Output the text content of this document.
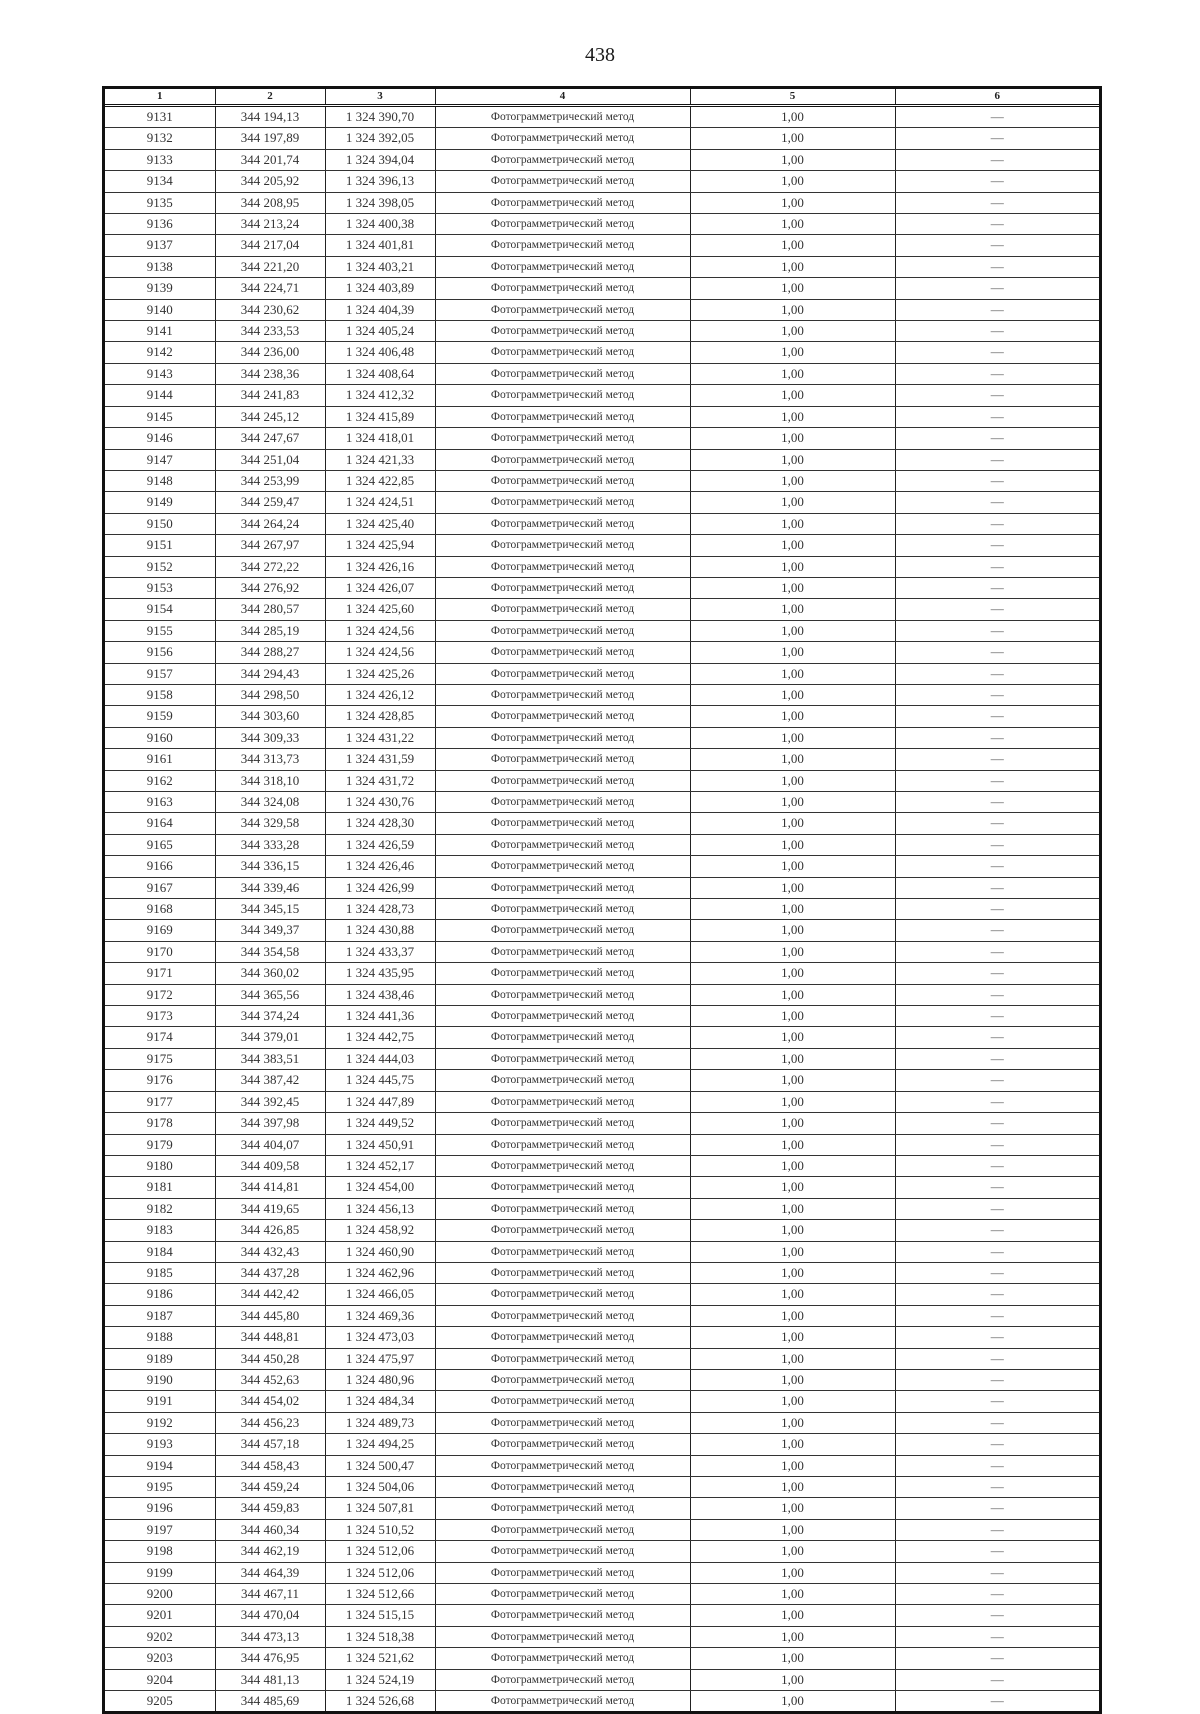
438
1	2	3	4	5	6
9131	344 194,13	1 324 390,70	Фотограмметрический метод	1,00	—
9132	344 197,89	1 324 392,05	Фотограмметрический метод	1,00	—
9133	344 201,74	1 324 394,04	Фотограмметрический метод	1,00	—
9134	344 205,92	1 324 396,13	Фотограмметрический метод	1,00	—
9135	344 208,95	1 324 398,05	Фотограмметрический метод	1,00	—
9136	344 213,24	1 324 400,38	Фотограмметрический метод	1,00	—
9137	344 217,04	1 324 401,81	Фотограмметрический метод	1,00	—
9138	344 221,20	1 324 403,21	Фотограмметрический метод	1,00	—
9139	344 224,71	1 324 403,89	Фотограмметрический метод	1,00	—
9140	344 230,62	1 324 404,39	Фотограмметрический метод	1,00	—
9141	344 233,53	1 324 405,24	Фотограмметрический метод	1,00	—
9142	344 236,00	1 324 406,48	Фотограмметрический метод	1,00	—
9143	344 238,36	1 324 408,64	Фотограмметрический метод	1,00	—
9144	344 241,83	1 324 412,32	Фотограмметрический метод	1,00	—
9145	344 245,12	1 324 415,89	Фотограмметрический метод	1,00	—
9146	344 247,67	1 324 418,01	Фотограмметрический метод	1,00	—
9147	344 251,04	1 324 421,33	Фотограмметрический метод	1,00	—
9148	344 253,99	1 324 422,85	Фотограмметрический метод	1,00	—
9149	344 259,47	1 324 424,51	Фотограмметрический метод	1,00	—
9150	344 264,24	1 324 425,40	Фотограмметрический метод	1,00	—
9151	344 267,97	1 324 425,94	Фотограмметрический метод	1,00	—
9152	344 272,22	1 324 426,16	Фотограмметрический метод	1,00	—
9153	344 276,92	1 324 426,07	Фотограмметрический метод	1,00	—
9154	344 280,57	1 324 425,60	Фотограмметрический метод	1,00	—
9155	344 285,19	1 324 424,56	Фотограмметрический метод	1,00	—
9156	344 288,27	1 324 424,56	Фотограмметрический метод	1,00	—
9157	344 294,43	1 324 425,26	Фотограмметрический метод	1,00	—
9158	344 298,50	1 324 426,12	Фотограмметрический метод	1,00	—
9159	344 303,60	1 324 428,85	Фотограмметрический метод	1,00	—
9160	344 309,33	1 324 431,22	Фотограмметрический метод	1,00	—
9161	344 313,73	1 324 431,59	Фотограмметрический метод	1,00	—
9162	344 318,10	1 324 431,72	Фотограмметрический метод	1,00	—
9163	344 324,08	1 324 430,76	Фотограмметрический метод	1,00	—
9164	344 329,58	1 324 428,30	Фотограмметрический метод	1,00	—
9165	344 333,28	1 324 426,59	Фотограмметрический метод	1,00	—
9166	344 336,15	1 324 426,46	Фотограмметрический метод	1,00	—
9167	344 339,46	1 324 426,99	Фотограмметрический метод	1,00	—
9168	344 345,15	1 324 428,73	Фотограмметрический метод	1,00	—
9169	344 349,37	1 324 430,88	Фотограмметрический метод	1,00	—
9170	344 354,58	1 324 433,37	Фотограмметрический метод	1,00	—
9171	344 360,02	1 324 435,95	Фотограмметрический метод	1,00	—
9172	344 365,56	1 324 438,46	Фотограмметрический метод	1,00	—
9173	344 374,24	1 324 441,36	Фотограмметрический метод	1,00	—
9174	344 379,01	1 324 442,75	Фотограмметрический метод	1,00	—
9175	344 383,51	1 324 444,03	Фотограмметрический метод	1,00	—
9176	344 387,42	1 324 445,75	Фотограмметрический метод	1,00	—
9177	344 392,45	1 324 447,89	Фотограмметрический метод	1,00	—
9178	344 397,98	1 324 449,52	Фотограмметрический метод	1,00	—
9179	344 404,07	1 324 450,91	Фотограмметрический метод	1,00	—
9180	344 409,58	1 324 452,17	Фотограмметрический метод	1,00	—
9181	344 414,81	1 324 454,00	Фотограмметрический метод	1,00	—
9182	344 419,65	1 324 456,13	Фотограмметрический метод	1,00	—
9183	344 426,85	1 324 458,92	Фотограмметрический метод	1,00	—
9184	344 432,43	1 324 460,90	Фотограмметрический метод	1,00	—
9185	344 437,28	1 324 462,96	Фотограмметрический метод	1,00	—
9186	344 442,42	1 324 466,05	Фотограмметрический метод	1,00	—
9187	344 445,80	1 324 469,36	Фотограмметрический метод	1,00	—
9188	344 448,81	1 324 473,03	Фотограмметрический метод	1,00	—
9189	344 450,28	1 324 475,97	Фотограмметрический метод	1,00	—
9190	344 452,63	1 324 480,96	Фотограмметрический метод	1,00	—
9191	344 454,02	1 324 484,34	Фотограмметрический метод	1,00	—
9192	344 456,23	1 324 489,73	Фотограмметрический метод	1,00	—
9193	344 457,18	1 324 494,25	Фотограмметрический метод	1,00	—
9194	344 458,43	1 324 500,47	Фотограмметрический метод	1,00	—
9195	344 459,24	1 324 504,06	Фотограмметрический метод	1,00	—
9196	344 459,83	1 324 507,81	Фотограмметрический метод	1,00	—
9197	344 460,34	1 324 510,52	Фотограмметрический метод	1,00	—
9198	344 462,19	1 324 512,06	Фотограмметрический метод	1,00	—
9199	344 464,39	1 324 512,06	Фотограмметрический метод	1,00	—
9200	344 467,11	1 324 512,66	Фотограмметрический метод	1,00	—
9201	344 470,04	1 324 515,15	Фотограмметрический метод	1,00	—
9202	344 473,13	1 324 518,38	Фотограмметрический метод	1,00	—
9203	344 476,95	1 324 521,62	Фотограмметрический метод	1,00	—
9204	344 481,13	1 324 524,19	Фотограмметрический метод	1,00	—
9205	344 485,69	1 324 526,68	Фотограмметрический метод	1,00	—
